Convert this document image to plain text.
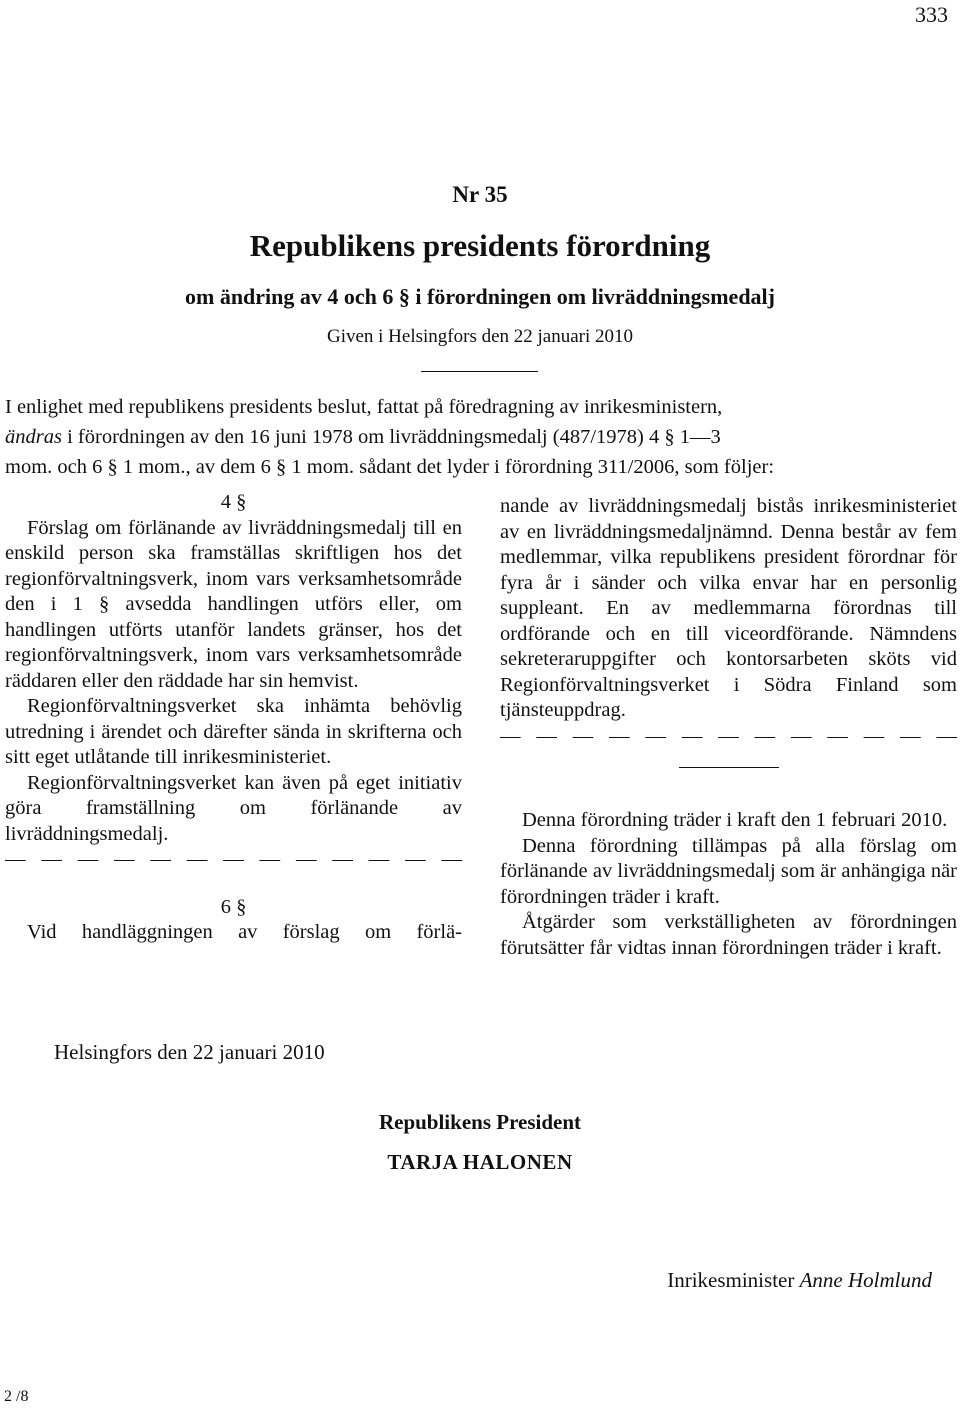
333
Nr 35
Republikens presidents förordning
om ändring av 4 och 6 § i förordningen om livräddningsmedalj
Given i Helsingfors den 22 januari 2010

I enlighet med republikens presidents beslut, fattat på föredragning av inrikesministern,

ändras i förordningen av den 16 juni 1978 om livräddningsmedalj (487/1978) 4 § 1—3

mom. och 6 § 1 mom., av dem 6 § 1 mom. sådant det lyder i förordning 311/2006, som följer:

4 §

Förslag om förlänande av livräddningsmedalj till en enskild person ska framställas skriftligen hos det regionförvaltningsverk, inom vars verksamhetsområde den i 1 § avsedda handlingen utförs eller, om handlingen utförts utanför landets gränser, hos det regionförvaltningsverk, inom vars verksamhetsområde räddaren eller den räddade har sin hemvist.

Regionförvaltningsverket ska inhämta behövlig utredning i ärendet och därefter sända in skrifterna och sitt eget utlåtande till inrikesministeriet.

Regionförvaltningsverket kan även på eget initiativ göra framställning om förlänande av livräddningsmedalj.

— — — — — — — — — — — — —

6 §

Vid handläggningen av förslag om förlä-

nande av livräddningsmedalj bistås inrikesministeriet av en livräddningsmedaljnämnd. Denna består av fem medlemmar, vilka republikens president förordnar för fyra år i sänder och vilka envar har en personlig suppleant. En av medlemmarna förordnas till ordförande och en till viceordförande. Nämndens sekreteraruppgifter och kontorsarbeten sköts vid Regionförvaltningsverket i Södra Finland som tjänsteuppdrag.

— — — — — — — — — — — — —

Denna förordning träder i kraft den 1 februari 2010.

Denna förordning tillämpas på alla förslag om förlänande av livräddningsmedalj som är anhängiga när förordningen träder i kraft.

Åtgärder som verkställigheten av förordningen förutsätter får vidtas innan förordningen träder i kraft.

Helsingfors den 22 januari 2010
Republikens President
TARJA HALONEN
Inrikesminister Anne Holmlund
2 /8
